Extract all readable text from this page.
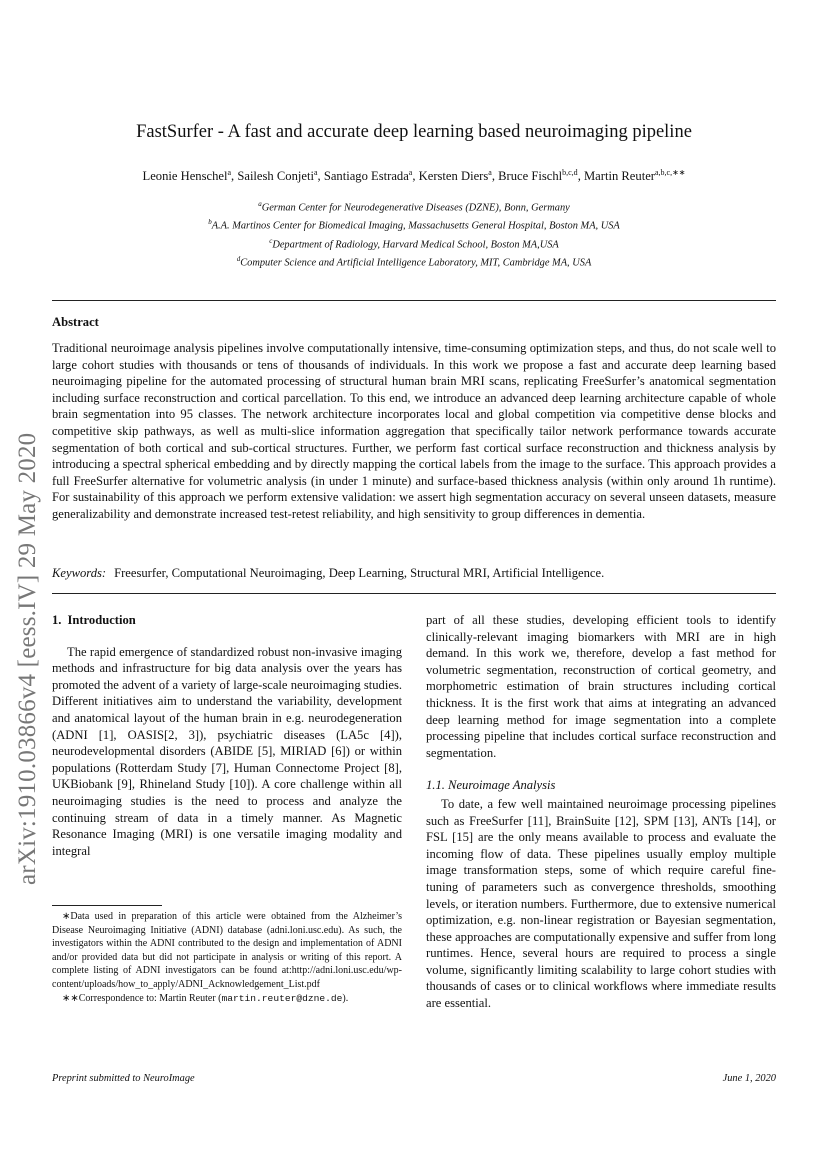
arXiv:1910.03866v4 [eess.IV] 29 May 2020
FastSurfer - A fast and accurate deep learning based neuroimaging pipeline
Leonie Henschel$^a$, Sailesh Conjeti$^a$, Santiago Estrada$^a$, Kersten Diers$^a$, Bruce Fischl$^{b,c,d}$, Martin Reuter$^{a,b,c,∗∗}$
$^a$German Center for Neurodegenerative Diseases (DZNE), Bonn, Germany
$^b$A.A. Martinos Center for Biomedical Imaging, Massachusetts General Hospital, Boston MA, USA
$^c$Department of Radiology, Harvard Medical School, Boston MA,USA
$^d$Computer Science and Artificial Intelligence Laboratory, MIT, Cambridge MA, USA
Abstract
Traditional neuroimage analysis pipelines involve computationally intensive, time-consuming optimization steps, and thus, do not scale well to large cohort studies with thousands or tens of thousands of individuals. In this work we propose a fast and accurate deep learning based neuroimaging pipeline for the automated processing of structural human brain MRI scans, replicating FreeSurfer’s anatomical segmentation including surface reconstruction and cortical parcellation. To this end, we introduce an advanced deep learning architecture capable of whole brain segmentation into 95 classes. The network architecture incorporates local and global competition via competitive dense blocks and competitive skip pathways, as well as multi-slice information aggregation that specifically tailor network performance towards accurate segmentation of both cortical and sub-cortical structures. Further, we perform fast cortical surface reconstruction and thickness analysis by introducing a spectral spherical embedding and by directly mapping the cortical labels from the image to the surface. This approach provides a full FreeSurfer alternative for volumetric analysis (in under 1 minute) and surface-based thickness analysis (within only around 1h runtime). For sustainability of this approach we perform extensive validation: we assert high segmentation accuracy on several unseen datasets, measure generalizability and demonstrate increased test-retest reliability, and high sensitivity to group differences in dementia.
Keywords: Freesurfer, Computational Neuroimaging, Deep Learning, Structural MRI, Artificial Intelligence.
1. Introduction

The rapid emergence of standardized robust non-invasive imaging methods and infrastructure for big data analysis over the years has promoted the advent of a variety of large-scale neuroimaging studies. Different initiatives aim to understand the variability, development and anatomical layout of the human brain in e.g. neurodegeneration (ADNI [1], OASIS[2, 3]), psychiatric diseases (LA5c [4]), neurodevelopmental disorders (ABIDE [5], MIRIAD [6]) or within populations (Rotterdam Study [7], Human Connectome Project [8], UKBiobank [9], Rhineland Study [10]). A core challenge within all neuroimaging studies is the need to process and analyze the continuing stream of data in a timely manner. As Magnetic Resonance Imaging (MRI) is one versatile imaging modality and integral

part of all these studies, developing efficient tools to identify clinically-relevant imaging biomarkers with MRI are in high demand. In this work we, therefore, develop a fast method for volumetric segmentation, reconstruction of cortical geometry, and morphometric estimation of brain structures including cortical thickness. It is the first work that aims at integrating an advanced deep learning method for image segmentation into a complete processing pipeline that includes cortical surface reconstruction and segmentation.

1.1. Neuroimage Analysis

To date, a few well maintained neuroimage processing pipelines such as FreeSurfer [11], BrainSuite [12], SPM [13], ANTs [14], or FSL [15] are the only means available to process and evaluate the incoming flow of data. These pipelines usually employ multiple image transformation steps, some of which require careful fine-tuning of parameters such as convergence thresholds, smoothing levels, or iteration numbers. Furthermore, due to extensive numerical optimization, e.g. non-linear registration or Bayesian segmentation, these approaches are computationally expensive and suffer from long runtimes. Hence, several hours are required to process a single volume, significantly limiting scalability to large cohort studies with thousands of cases or to clinical workflows where immediate results are essential.

∗Data used in preparation of this article were obtained from the Alzheimer’s Disease Neuroimaging Initiative (ADNI) database (adni.loni.usc.edu). As such, the investigators within the ADNI contributed to the design and implementation of ADNI and/or provided data but did not participate in analysis or writing of this report. A complete listing of ADNI investigators can be found at:http://adni.loni.usc.edu/wp-content/uploads/how_to_apply/ADNI_Acknowledgement_List.pdf

∗∗Correspondence to: Martin Reuter (martin.reuter@dzne.de).

Preprint submitted to NeuroImage	June 1, 2020
